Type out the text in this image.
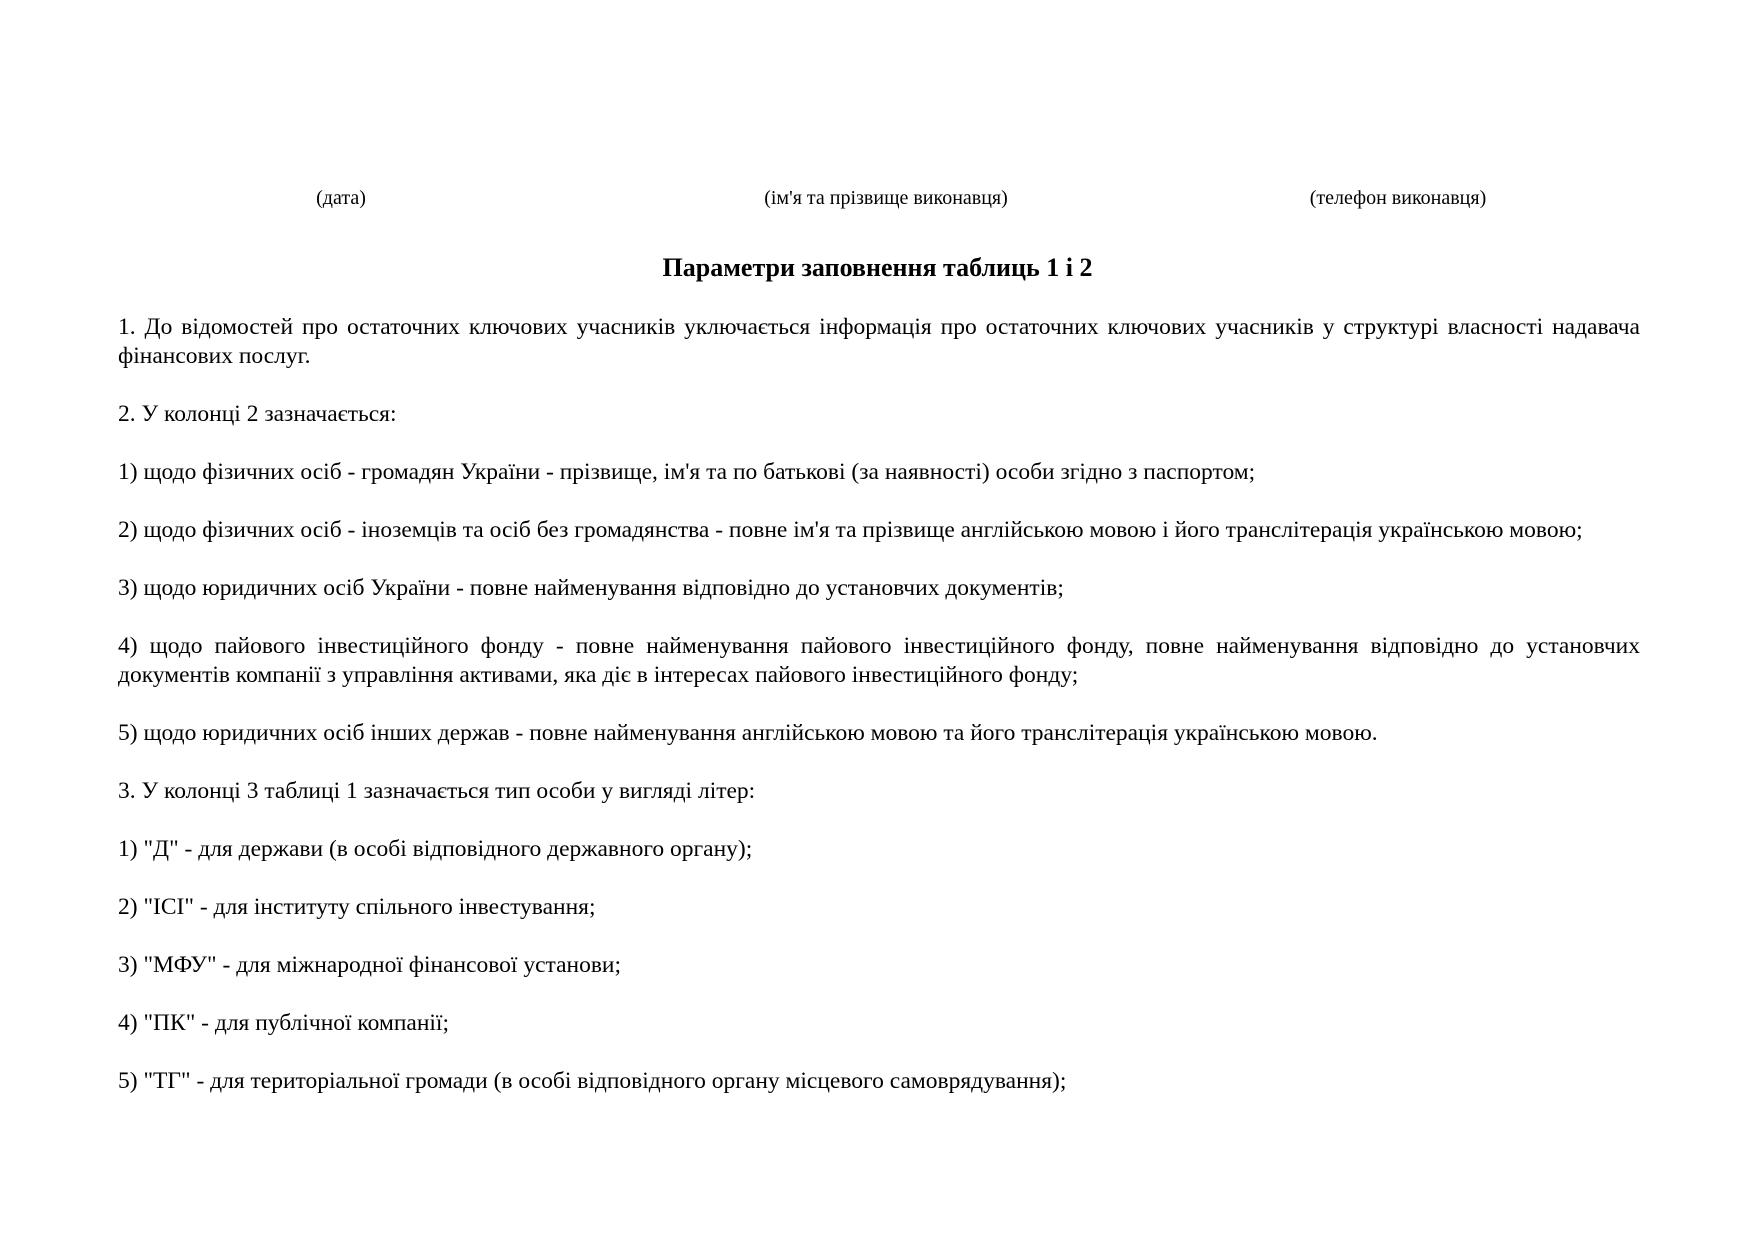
(дата)	(ім'я та прізвище виконавця)	(телефон виконавця)
Параметри заповнення таблиць 1 і 2

1. До відомостей про остаточних ключових учасників уключається інформація про остаточних ключових учасників у структурі власності надавача фінансових послуг.

2. У колонці 2 зазначається:

1) щодо фізичних осіб - громадян України - прізвище, ім'я та по батькові (за наявності) особи згідно з паспортом;

2) щодо фізичних осіб - іноземців та осіб без громадянства - повне ім'я та прізвище англійською мовою і його транслітерація українською мовою;

3) щодо юридичних осіб України - повне найменування відповідно до установчих документів;

4) щодо пайового інвестиційного фонду - повне найменування пайового інвестиційного фонду, повне найменування відповідно до установчих документів компанії з управління активами, яка діє в інтересах пайового інвестиційного фонду;

5) щодо юридичних осіб інших держав - повне найменування англійською мовою та його транслітерація українською мовою.

3. У колонці 3 таблиці 1 зазначається тип особи у вигляді літер:

1) "Д" - для держави (в особі відповідного державного органу);

2) "ІСІ" - для інституту спільного інвестування;

3) "МФУ" - для міжнародної фінансової установи;

4) "ПК" - для публічної компанії;

5) "ТГ" - для територіальної громади (в особі відповідного органу місцевого самоврядування);
